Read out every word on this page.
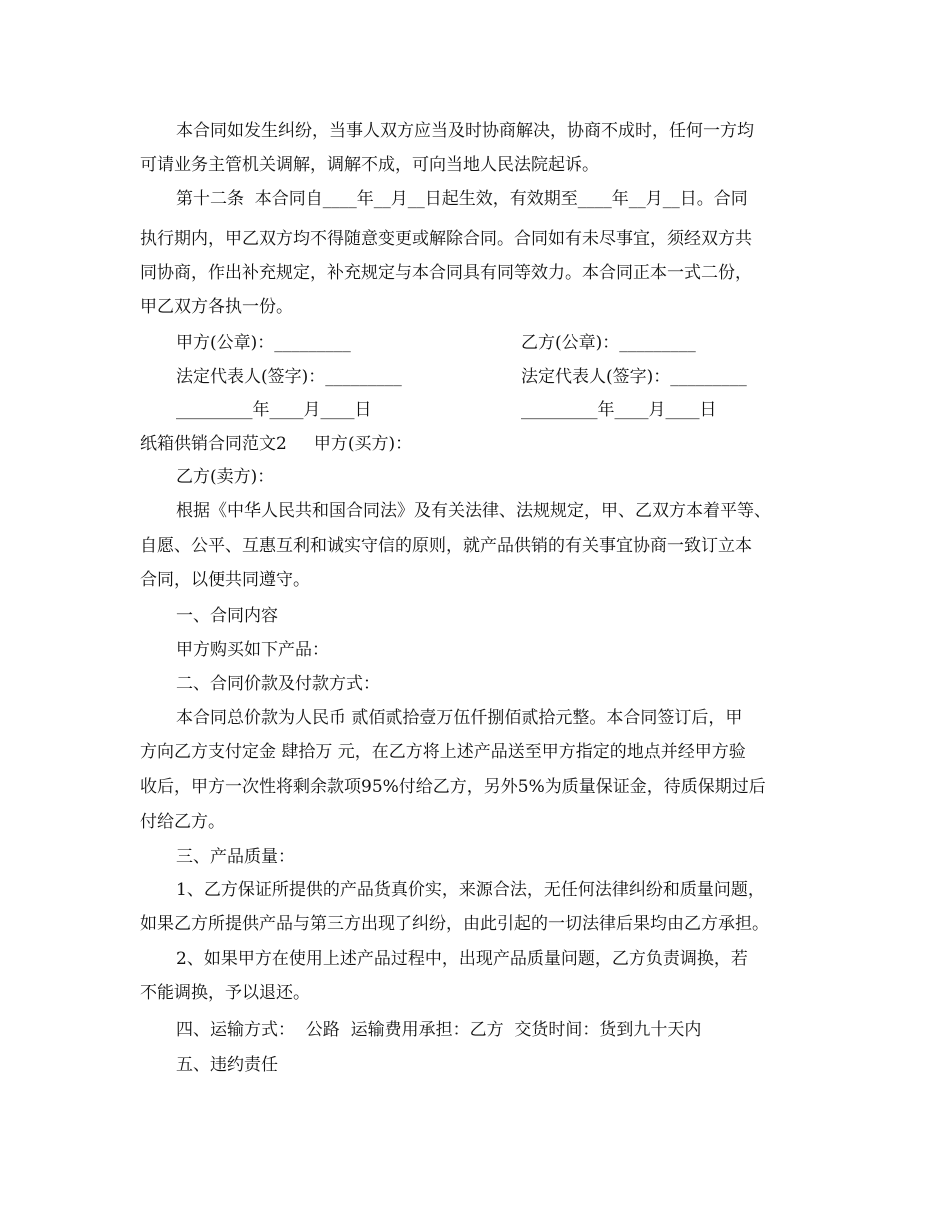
本合同如发生纠纷，当事人双方应当及时协商解决，协商不成时，任何一方均
可请业务主管机关调解，调解不成，可向当地人民法院起诉。
第十二条  本合同自____年__月__日起生效，有效期至____年__月__日。合同
执行期内，甲乙双方均不得随意变更或解除合同。合同如有未尽事宜，须经双方共
同协商，作出补充规定，补充规定与本合同具有同等效力。本合同正本一式二份，
甲乙双方各执一份。
甲方(公章)：_________	乙方(公章)：_________
法定代表人(签字)：_________	法定代表人(签字)：_________
_________年____月____日	_________年____月____日
纸箱供销合同范文2     甲方(买方)：
乙方(卖方)：
根据《中华人民共和国合同法》及有关法律、法规规定，甲、乙双方本着平等、
自愿、公平、互惠互利和诚实守信的原则，就产品供销的有关事宜协商一致订立本
合同，以便共同遵守。
一、合同内容
甲方购买如下产品：
二、合同价款及付款方式：
本合同总价款为人民币 贰佰贰拾壹万伍仟捌佰贰拾元整。本合同签订后，甲
方向乙方支付定金 肆拾万 元，在乙方将上述产品送至甲方指定的地点并经甲方验
收后，甲方一次性将剩余款项95%付给乙方，另外5%为质量保证金，待质保期过后
付给乙方。
三、产品质量：
1、乙方保证所提供的产品货真价实，来源合法，无任何法律纠纷和质量问题，
如果乙方所提供产品与第三方出现了纠纷，由此引起的一切法律后果均由乙方承担。
2、如果甲方在使用上述产品过程中，出现产品质量问题，乙方负责调换，若
不能调换，予以退还。
四、运输方式：  公路  运输费用承担：乙方  交货时间：货到九十天内
五、违约责任
